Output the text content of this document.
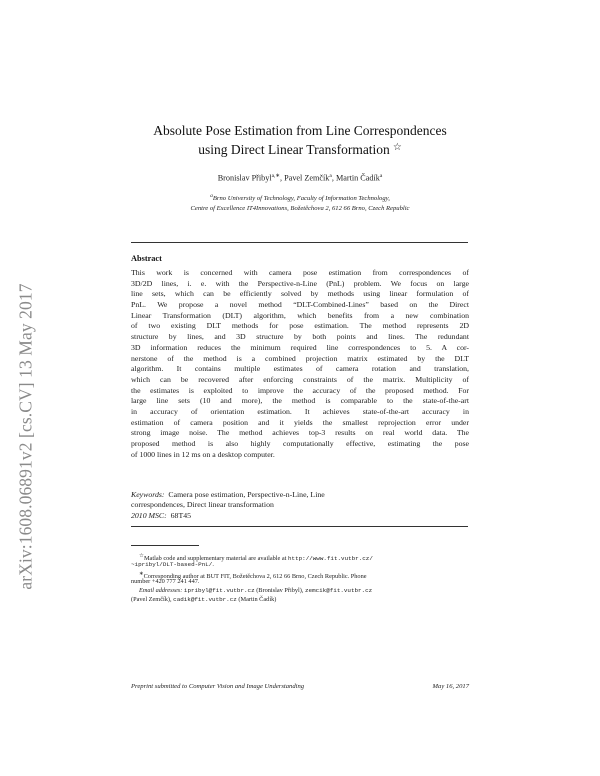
arXiv:1608.06891v2 [cs.CV] 13 May 2017
Absolute Pose Estimation from Line Correspondences
using Direct Linear Transformation ☆
Bronislav Přibyl$^{a,∗}$, Pavel Zemčík$^a$, Martin Čadík$^a$
$^a$Brno University of Technology, Faculty of Information Technology,
Centre of Excellence IT4Innovations, Božetěchova 2, 612 66 Brno, Czech Republic
Abstract
This work is concerned with camera pose estimation from correspondences of
3D/2D lines, i. e. with the Perspective-n-Line (PnL) problem. We focus on large
line sets, which can be efficiently solved by methods using linear formulation of
PnL. We propose a novel method “DLT-Combined-Lines” based on the Direct
Linear Transformation (DLT) algorithm, which benefits from a new combination
of two existing DLT methods for pose estimation. The method represents 2D
structure by lines, and 3D structure by both points and lines. The redundant
3D information reduces the minimum required line correspondences to 5. A cor-
nerstone of the method is a combined projection matrix estimated by the DLT
algorithm. It contains multiple estimates of camera rotation and translation,
which can be recovered after enforcing constraints of the matrix. Multiplicity of
the estimates is exploited to improve the accuracy of the proposed method. For
large line sets (10 and more), the method is comparable to the state-of-the-art
in accuracy of orientation estimation. It achieves state-of-the-art accuracy in
estimation of camera position and it yields the smallest reprojection error under
strong image noise. The method achieves top-3 results on real world data. The
proposed method is also highly computationally effective, estimating the pose
of 1000 lines in 12 ms on a desktop computer.
Keywords: Camera pose estimation, Perspective-n-Line, Line
correspondences, Direct linear transformation
2010 MSC: 68T45
☆Matlab code and supplementary material are available at http://www.fit.vutbr.cz/
~ipribyl/DLT-based-PnL/.
∗Corresponding author at BUT FIT, Božetěchova 2, 612 66 Brno, Czech Republic. Phone
number +420 777 241 447.
Email addresses: ipribyl@fit.vutbr.cz (Bronislav Přibyl), zemcik@fit.vutbr.cz
(Pavel Zemčík), cadik@fit.vutbr.cz (Martin Čadík)
Preprint submitted to Computer Vision and Image Understanding	May 16, 2017
